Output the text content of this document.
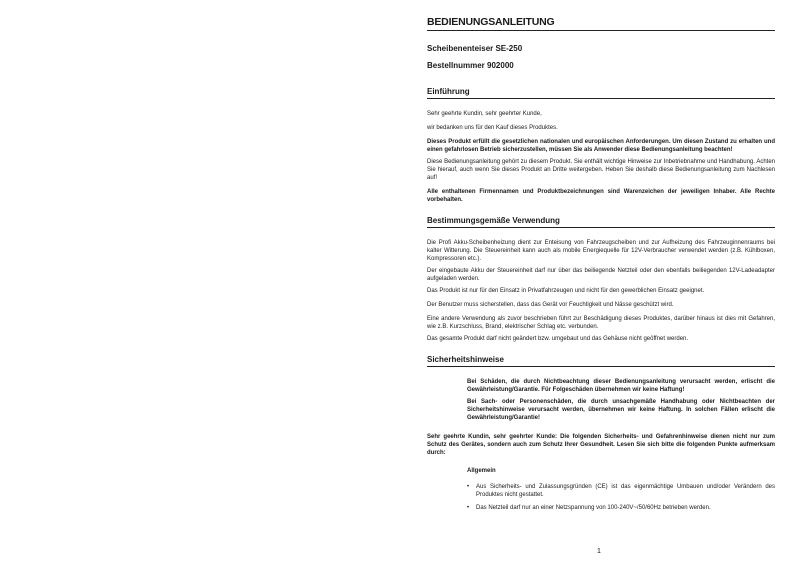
BEDIENUNGSANLEITUNG
Scheibenenteiser SE-250
Bestellnummer 902000
Einführung

Sehr geehrte Kundin, sehr geehrter Kunde,

wir bedanken uns für den Kauf dieses Produktes.

Dieses Produkt erfüllt die gesetzlichen nationalen und europäischen Anforderungen. Um diesen Zustand zu erhalten und einen gefahrlosen Betrieb sicherzustellen, müssen Sie als Anwender diese Bedienungsanleitung beachten!

Diese Bedienungsanleitung gehört zu diesem Produkt. Sie enthält wichtige Hinweise zur Inbetriebnahme und Handhabung. Achten Sie hierauf, auch wenn Sie dieses Produkt an Dritte weitergeben. Heben Sie deshalb diese Bedienungsanleitung zum Nachlesen auf!

Alle enthaltenen Firmennamen und Produktbezeichnungen sind Warenzeichen der jeweiligen Inhaber. Alle Rechte vorbehalten.

Bestimmungsgemäße Verwendung

Die Profi Akku-Scheibenheizung dient zur Enteisung von Fahrzeugscheiben und zur Aufheizung des Fahrzeuginnenraums bei kalter Witterung. Die Steuereinheit kann auch als mobile Energiequelle für 12V-Verbraucher verwendet werden (z.B. Kühlboxen, Kompressoren etc.).

Der eingebaute Akku der Steuereinheit darf nur über das beiliegende Netzteil oder den ebenfalls beiliegenden 12V-Ladeadapter aufgeladen werden.

Das Produkt ist nur für den Einsatz in Privatfahrzeugen und nicht für den gewerblichen Einsatz geeignet.

Der Benutzer muss sicherstellen, dass das Gerät vor Feuchtigkeit und Nässe geschützt wird.

Eine andere Verwendung als zuvor beschrieben führt zur Beschädigung dieses Produktes, darüber hinaus ist dies mit Gefahren, wie z.B. Kurzschluss, Brand, elektrischer Schlag etc. verbunden.

Das gesamte Produkt darf nicht geändert bzw. umgebaut und das Gehäuse nicht geöffnet werden.

Sicherheitshinweise

Bei Schäden, die durch Nichtbeachtung dieser Bedienungsanleitung verursacht werden, erlischt die Gewährleistung/Garantie. Für Folgeschäden übernehmen wir keine Haftung!

Bei Sach- oder Personenschäden, die durch unsachgemäße Handhabung oder Nichtbeachten der Sicherheitshinweise verursacht werden, übernehmen wir keine Haftung. In solchen Fällen erlischt die Gewährleistung/Garantie!

Sehr geehrte Kundin, sehr geehrter Kunde: Die folgenden Sicherheits- und Gefahrenhinweise dienen nicht nur zum Schutz des Gerätes, sondern auch zum Schutz Ihrer Gesundheit. Lesen Sie sich bitte die folgenden Punkte aufmerksam durch:

Allgemein
• Aus Sicherheits- und Zulassungsgründen (CE) ist das eigenmächtige Umbauen und/oder Verändern des Produktes nicht gestattet.
• Das Netzteil darf nur an einer Netzspannung von 100-240V~/50/60Hz betrieben werden.
1
